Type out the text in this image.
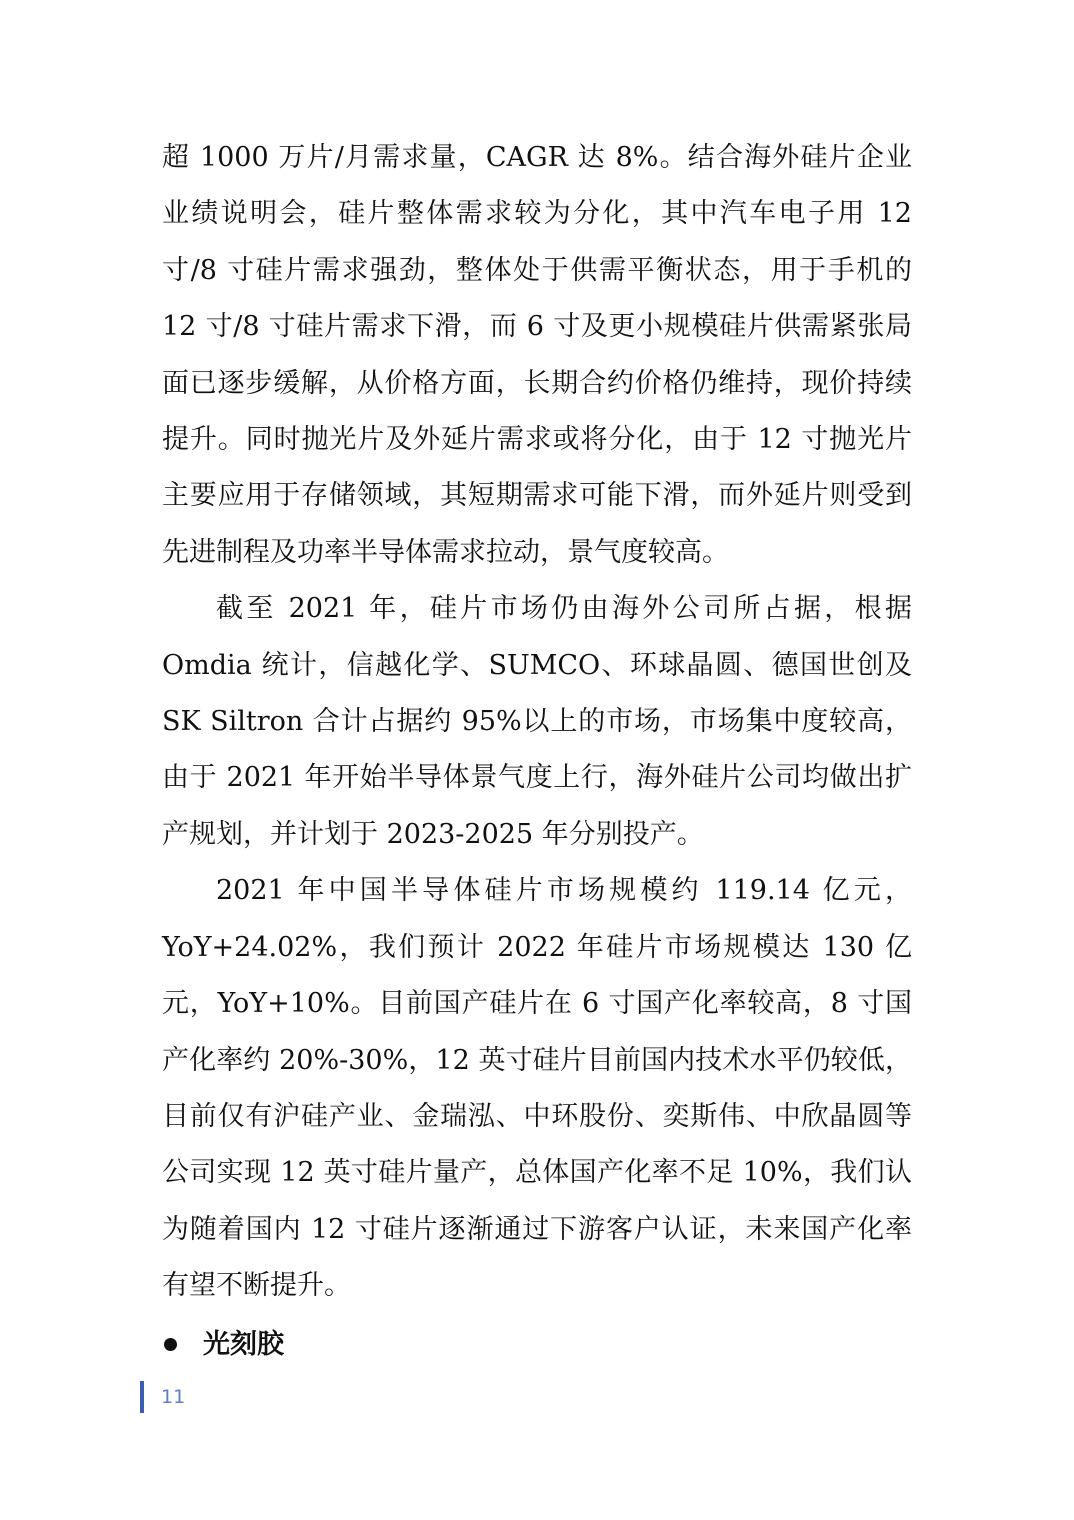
超 1000 万片/月需求量，CAGR 达 8%。结合海外硅片企业业绩说明会，硅片整体需求较为分化，其中汽车电子用 12 寸/8 寸硅片需求强劲，整体处于供需平衡状态，用于手机的 12 寸/8 寸硅片需求下滑，而 6 寸及更小规模硅片供需紧张局面已逐步缓解，从价格方面，长期合约价格仍维持，现价持续提升。同时抛光片及外延片需求或将分化，由于 12 寸抛光片主要应用于存储领域，其短期需求可能下滑，而外延片则受到先进制程及功率半导体需求拉动，景气度较高。

截至 2021 年，硅片市场仍由海外公司所占据，根据 Omdia 统计，信越化学、SUMCO、环球晶圆、德国世创及 SK Siltron 合计占据约 95%以上的市场，市场集中度较高，由于 2021 年开始半导体景气度上行，海外硅片公司均做出扩产规划，并计划于 2023-2025 年分别投产。

2021 年中国半导体硅片市场规模约 119.14 亿元，YoY+24.02%，我们预计 2022 年硅片市场规模达 130 亿元，YoY+10%。目前国产硅片在 6 寸国产化率较高，8 寸国产化率约 20%-30%，12 英寸硅片目前国内技术水平仍较低，目前仅有沪硅产业、金瑞泓、中环股份、奕斯伟、中欣晶圆等公司实现 12 英寸硅片量产，总体国产化率不足 10%，我们认为随着国内 12 寸硅片逐渐通过下游客户认证，未来国产化率有望不断提升。

光刻胶
11
